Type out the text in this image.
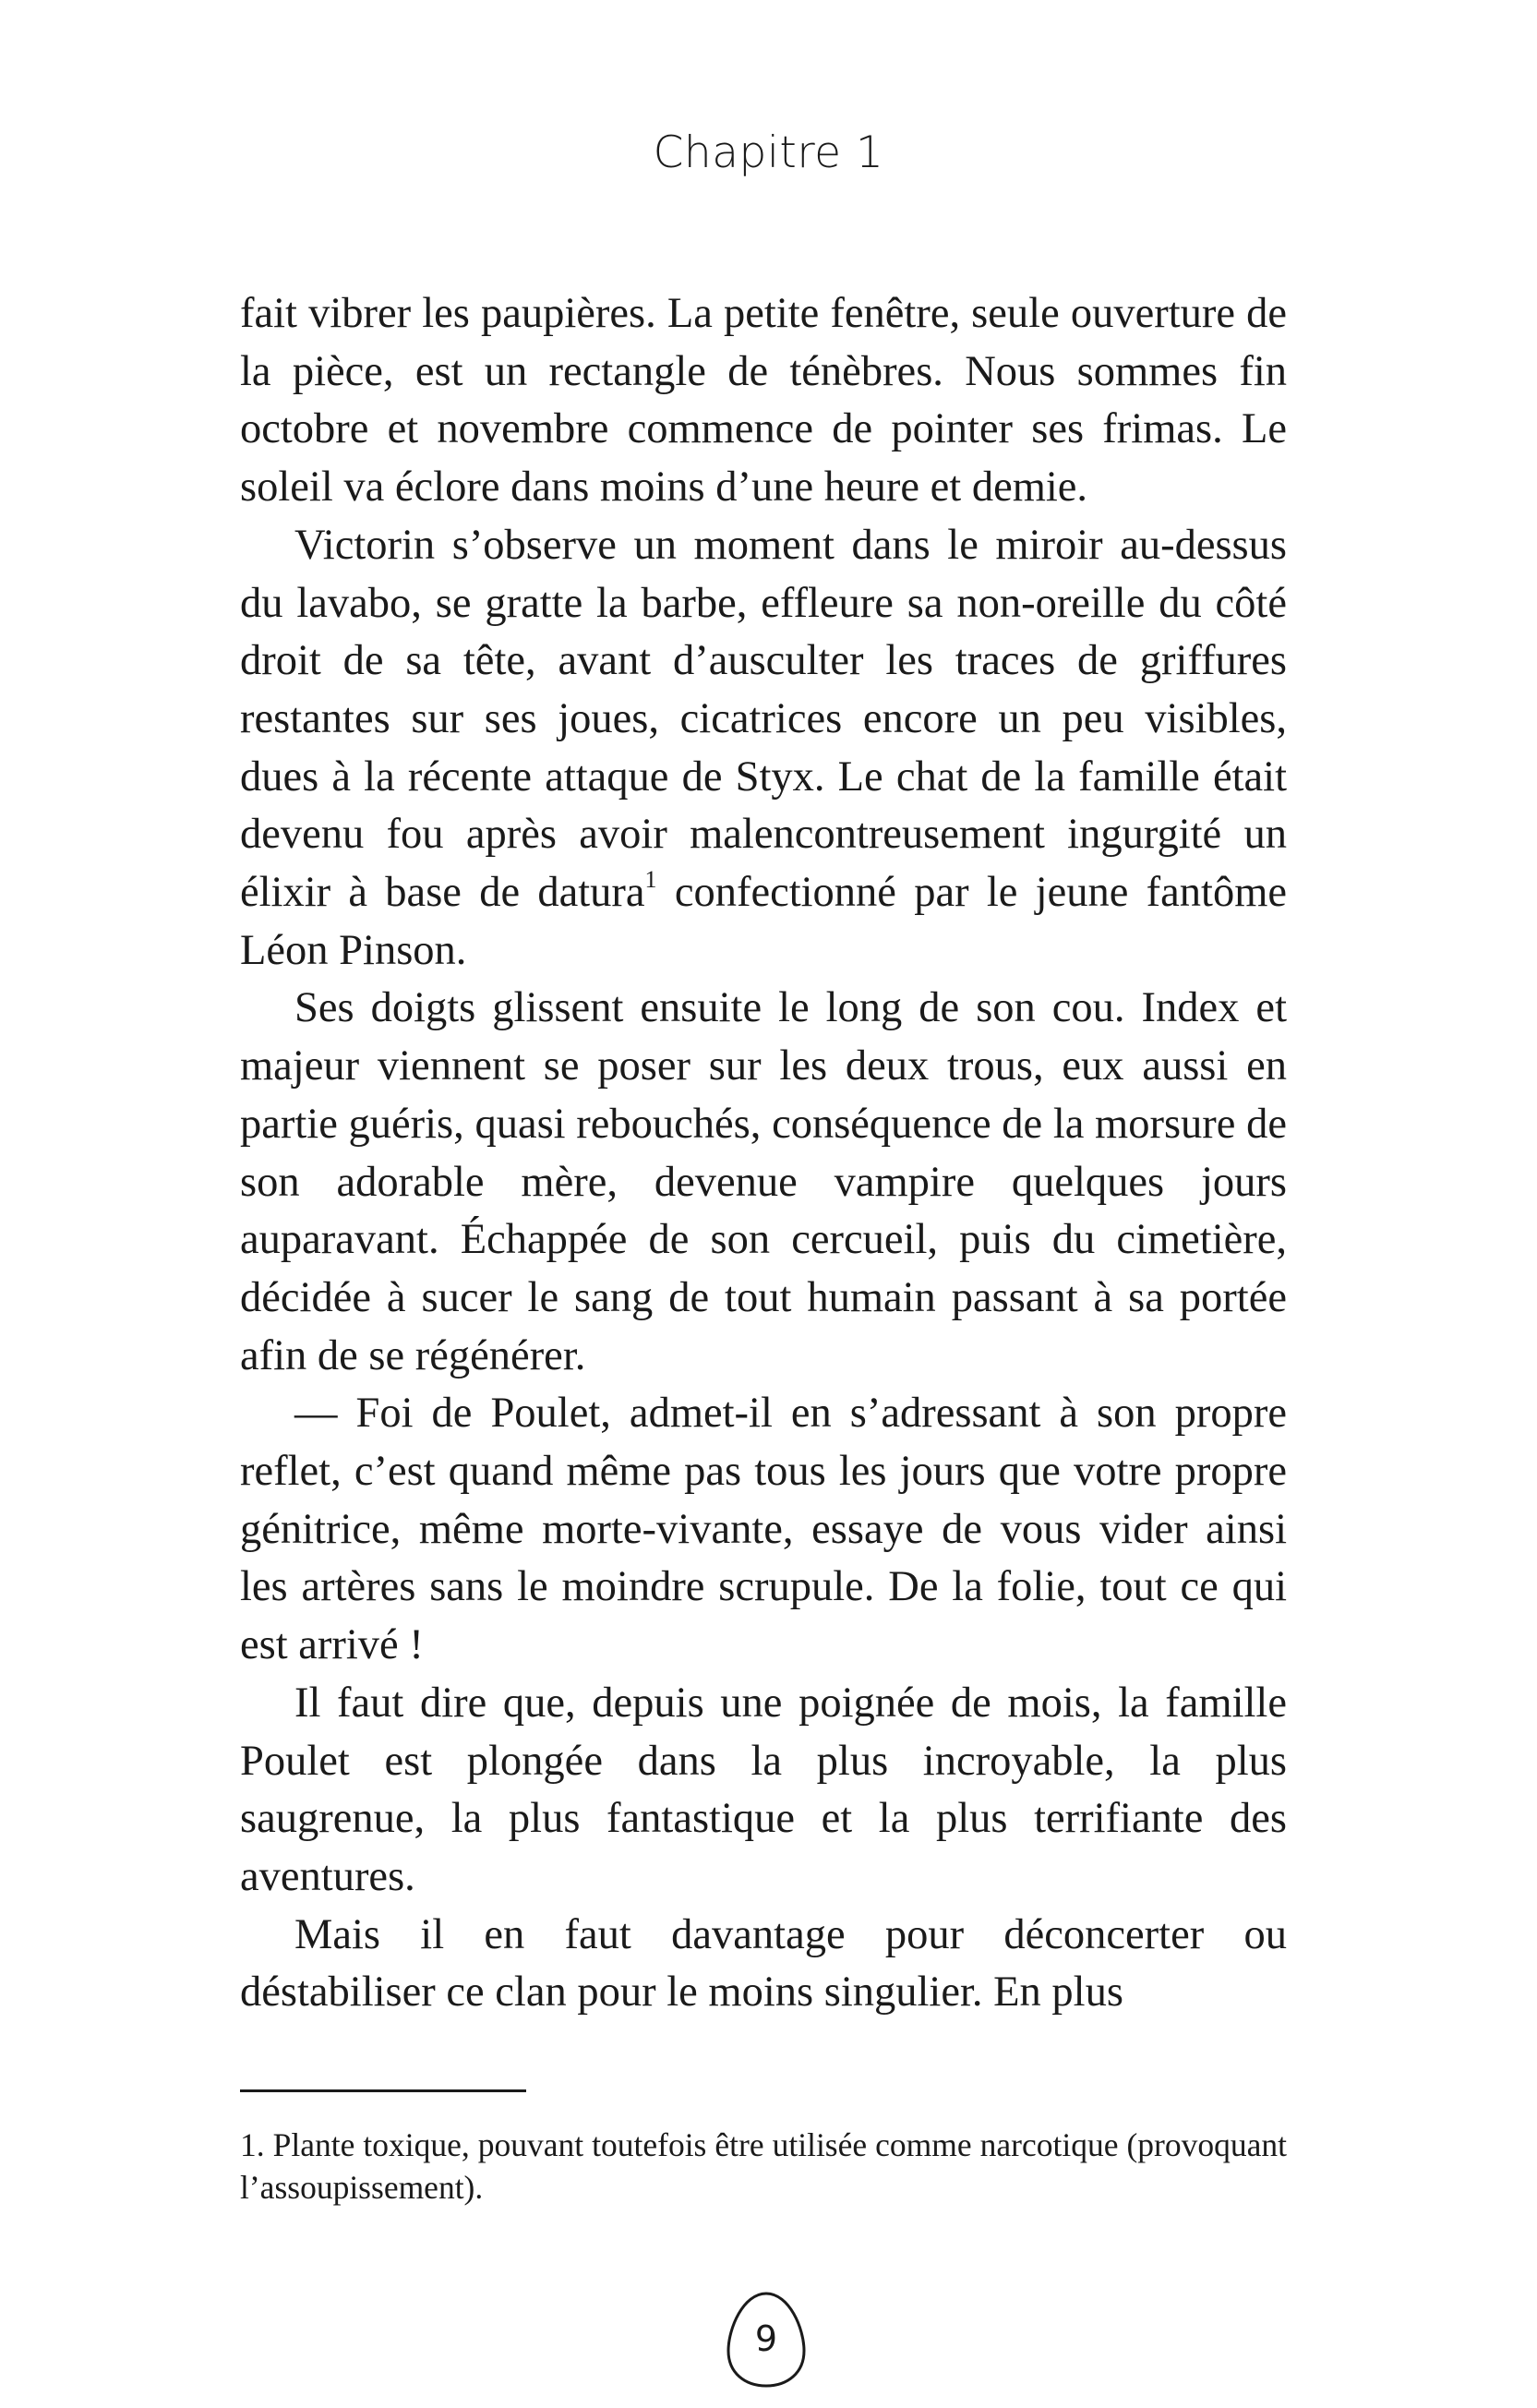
Chapitre 1

fait vibrer les paupières. La petite fenêtre, seule ouverture de la pièce, est un rectangle de ténèbres. Nous sommes fin octobre et novembre commence de pointer ses frimas. Le soleil va éclore dans moins d’une heure et demie.

Victorin s’observe un moment dans le miroir au-dessus du lavabo, se gratte la barbe, effleure sa non-oreille du côté droit de sa tête, avant d’ausculter les traces de griffures restantes sur ses joues, cicatrices encore un peu visibles, dues à la récente attaque de Styx. Le chat de la famille était devenu fou après avoir malencontreusement ingurgité un élixir à base de datura$^1$ confectionné par le jeune fantôme Léon Pinson.

Ses doigts glissent ensuite le long de son cou. Index et majeur viennent se poser sur les deux trous, eux aussi en partie guéris, quasi rebouchés, conséquence de la morsure de son adorable mère, devenue vampire quelques jours auparavant. Échappée de son cercueil, puis du cimetière, décidée à sucer le sang de tout humain passant à sa portée afin de se régénérer.

— Foi de Poulet, admet-il en s’adressant à son propre reflet, c’est quand même pas tous les jours que votre propre génitrice, même morte-vivante, essaye de vous vider ainsi les artères sans le moindre scrupule. De la folie, tout ce qui est arrivé !

Il faut dire que, depuis une poignée de mois, la famille Poulet est plongée dans la plus incroyable, la plus saugrenue, la plus fantastique et la plus terrifiante des aventures.

Mais il en faut davantage pour déconcerter ou déstabiliser ce clan pour le moins singulier. En plus

1. Plante toxique, pouvant toutefois être utilisée comme narcotique (provoquant l’assoupissement).

9
